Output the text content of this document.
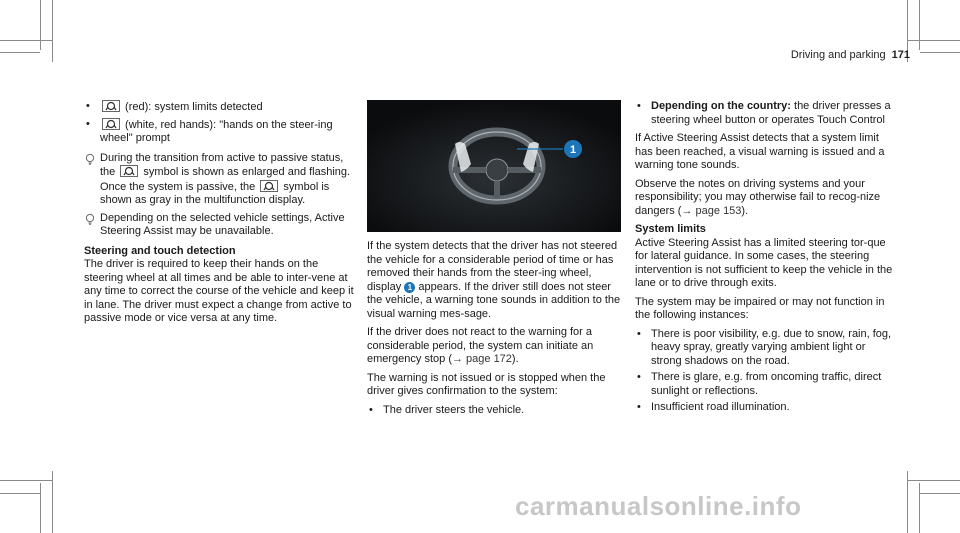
Driving and parking 171
• (red): system limits detected
• (white, red hands): "hands on the steer-ing wheel" prompt
During the transition from active to passive status, the	symbol is shown as enlarged and flashing. Once the system is passive, the	symbol is shown as gray in the multifunction display.
Depending on the selected vehicle settings, Active Steering Assist may be unavailable.

Steering and touch detection

The driver is required to keep their hands on the steering wheel at all times and be able to inter-vene at any time to correct the course of the vehicle and keep it in lane. The driver must expect a change from active to passive mode or vice versa at any time.

1

If the system detects that the driver has not steered the vehicle for a considerable period of time or has removed their hands from the steer-ing wheel, display 1 appears. If the driver still does not steer the vehicle, a warning tone sounds in addition to the visual warning mes-sage.

If the driver does not react to the warning for a considerable period, the system can initiate an emergency stop (→ page 172).

The warning is not issued or is stopped when the driver gives confirmation to the system:

• The driver steers the vehicle.
• Depending on the country: the driver presses a steering wheel button or operates Touch Control

If Active Steering Assist detects that a system limit has been reached, a visual warning is issued and a warning tone sounds.

Observe the notes on driving systems and your responsibility; you may otherwise fail to recog-nize dangers (→ page 153).

System limits

Active Steering Assist has a limited steering tor-que for lateral guidance. In some cases, the steering intervention is not sufficient to keep the vehicle in the lane or to drive through exits.

The system may be impaired or may not function in the following instances:

• There is poor visibility, e.g. due to snow, rain, fog, heavy spray, greatly varying ambient light or strong shadows on the road.
• There is glare, e.g. from oncoming traffic, direct sunlight or reflections.
• Insufficient road illumination.
carmanualsonline.info
